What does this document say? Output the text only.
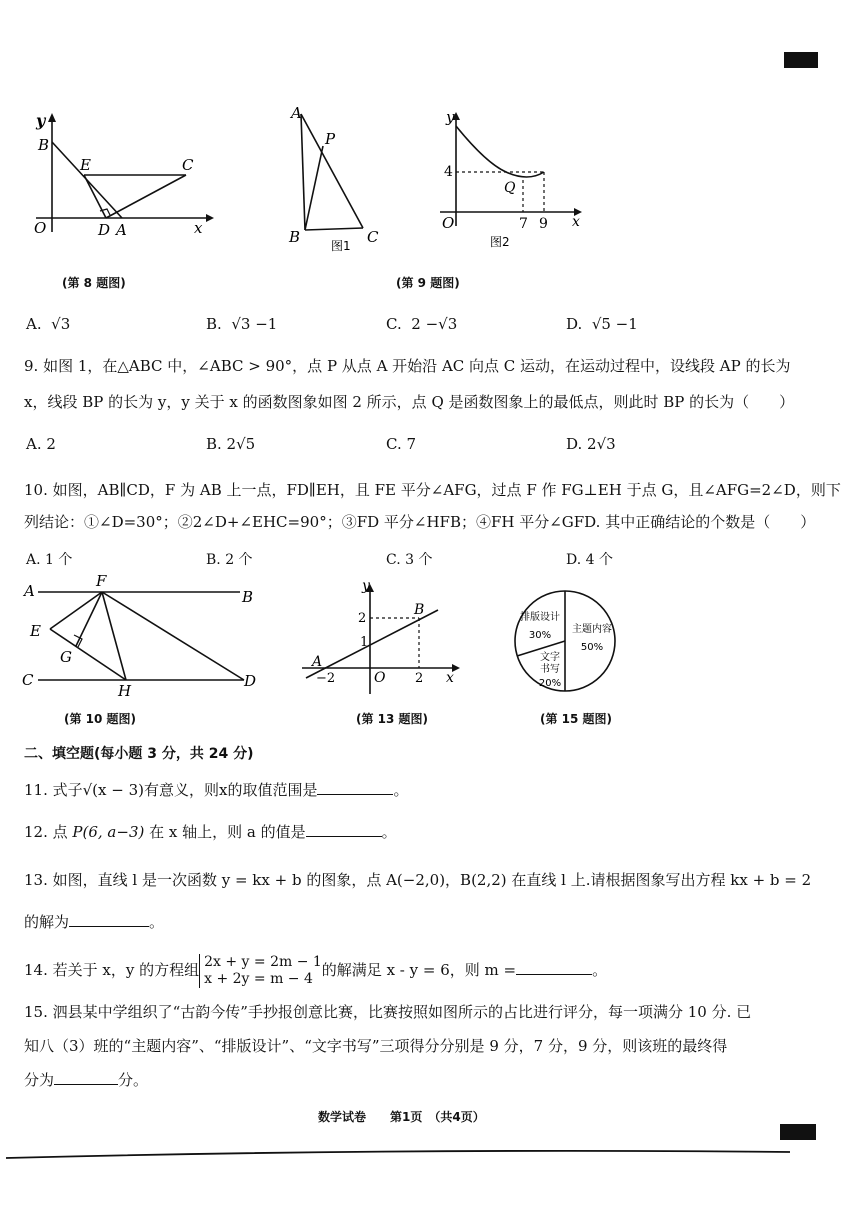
y
x
O
B
E	C
D A
A
P
B	C
图1
y
x
O
4
Q
7 9
图2
(第 8 题图)	(第 9 题图)
A. √3	B. √3 −1	C. 2 −√3	D. √5 −1
9. 如图 1，在△ABC 中，∠ABC > 90°，点 P 从点 A 开始沿 AC 向点 C 运动，在运动过程中，设线段 AP 的长为
x，线段 BP 的长为 y，y 关于 x 的函数图象如图 2 所示，点 Q 是函数图象上的最低点，则此时 BP 的长为（　　）
A. 2	B. 2√5	C. 7	D. 2√3
10. 如图，AB∥CD，F 为 AB 上一点，FD∥EH，且 FE 平分∠AFG，过点 F 作 FG⊥EH 于点 G，且∠AFG=2∠D，则下
列结论：①∠D=30°；②2∠D+∠EHC=90°；③FD 平分∠HFB；④FH 平分∠GFD. 其中正确结论的个数是（　　）
A. 1 个	B. 2 个	C. 3 个	D. 4 个
A
F
B
E
G
C
H
D
y
x
O
A
B
2
1
−2	2
主题内容
50%
排版设计
30%
文字
书写
20%
(第 10 题图)	(第 13 题图)	(第 15 题图)
二、填空题(每小题 3 分，共 24 分)
11. 式子√(x − 3)有意义，则x的取值范围是	。
12. 点 P(6, a−3) 在 x 轴上，则 a 的值是	。
13. 如图，直线 l 是一次函数 y = kx + b 的图象，点 A(−2,0)，B(2,2) 在直线 l 上.请根据图象写出方程 kx + b = 2
的解为	。
14. 若关于 x，y 的方程组 2x + y = 2m − 1
x + 2y = m − 4 的解满足 x - y = 6，则 m =	。
15. 泗县某中学组织了“古韵今传”手抄报创意比赛，比赛按照如图所示的占比进行评分，每一项满分 10 分. 已
知八（3）班的“主题内容”、“排版设计”、“文字书写”三项得分分别是 9 分，7 分，9 分，则该班的最终得
分为	分。
数学试卷　　第1页　（共4页）
